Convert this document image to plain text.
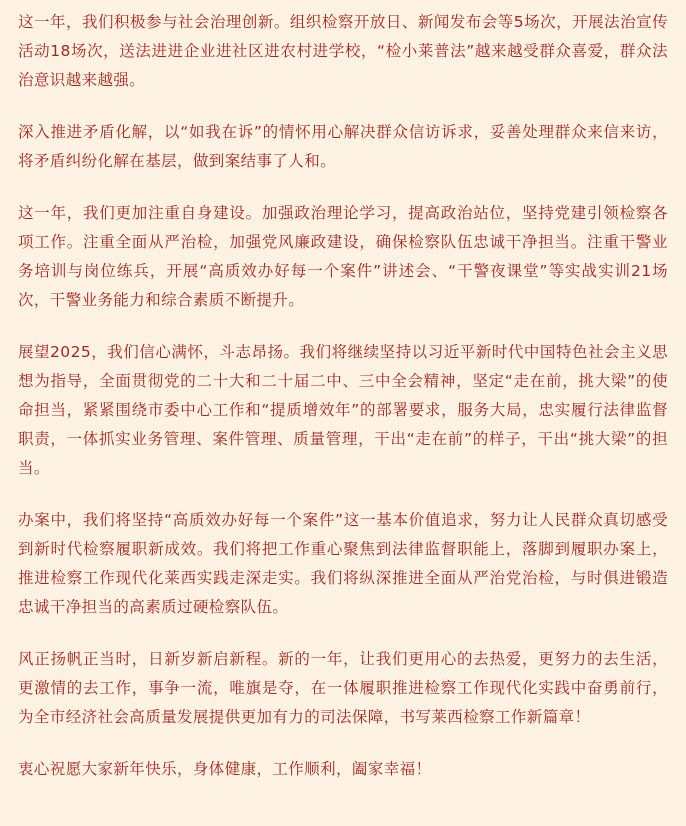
这一年，我们积极参与社会治理创新。组织检察开放日、新闻发布会等5场次，开展法治宣传活动18场次，送法进进企业进社区进农村进学校，“检小莱普法”越来越受群众喜爱，群众法治意识越来越强。

深入推进矛盾化解，以“如我在诉”的情怀用心解决群众信访诉求，妥善处理群众来信来访，将矛盾纠纷化解在基层，做到案结事了人和。

这一年，我们更加注重自身建设。加强政治理论学习，提高政治站位，坚持党建引领检察各项工作。注重全面从严治检，加强党风廉政建设，确保检察队伍忠诚干净担当。注重干警业务培训与岗位练兵，开展“高质效办好每一个案件”讲述会、“干警夜课堂”等实战实训21场次，干警业务能力和综合素质不断提升。

展望2025，我们信心满怀，斗志昂扬。我们将继续坚持以习近平新时代中国特色社会主义思想为指导，全面贯彻党的二十大和二十届二中、三中全会精神，坚定“走在前，挑大梁”的使命担当，紧紧围绕市委中心工作和“提质增效年”的部署要求，服务大局，忠实履行法律监督职责，一体抓实业务管理、案件管理、质量管理，干出“走在前”的样子，干出“挑大梁”的担当。

办案中，我们将坚持“高质效办好每一个案件”这一基本价值追求，努力让人民群众真切感受到新时代检察履职新成效。我们将把工作重心聚焦到法律监督职能上，落脚到履职办案上，推进检察工作现代化莱西实践走深走实。我们将纵深推进全面从严治党治检，与时俱进锻造忠诚干净担当的高素质过硬检察队伍。

风正扬帆正当时，日新岁新启新程。新的一年，让我们更用心的去热爱，更努力的去生活，更激情的去工作，事争一流，唯旗是夺，在一体履职推进检察工作现代化实践中奋勇前行，为全市经济社会高质量发展提供更加有力的司法保障，书写莱西检察工作新篇章！

衷心祝愿大家新年快乐，身体健康，工作顺利，阖家幸福！
